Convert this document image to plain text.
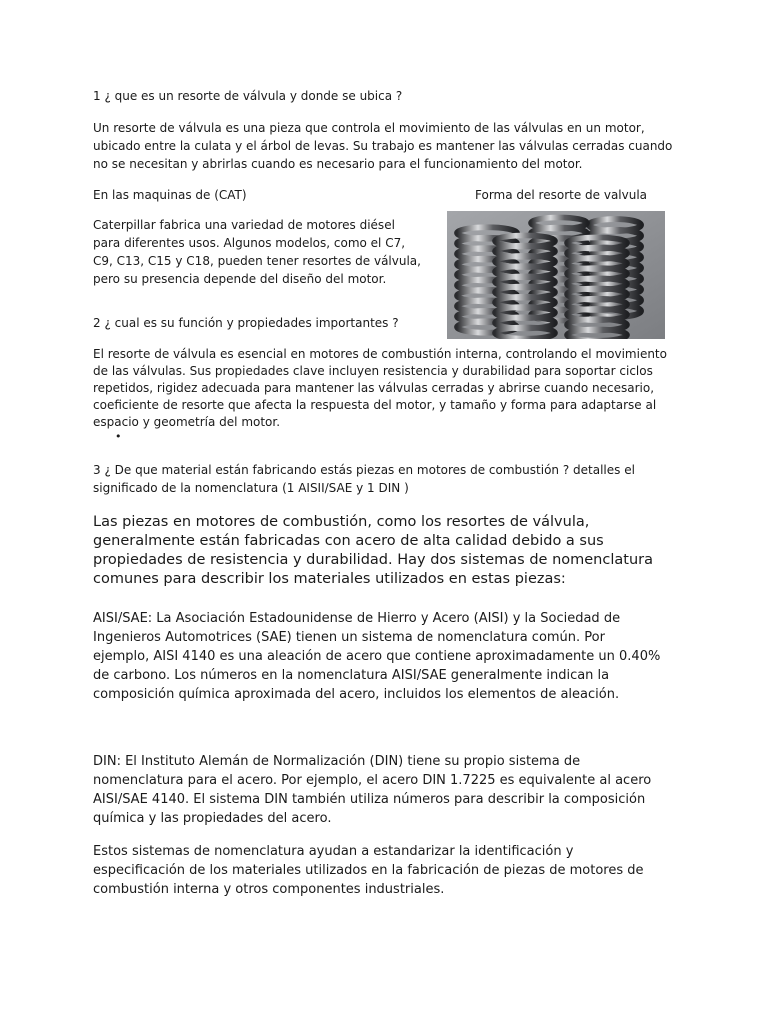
1 ¿ que es un resorte de válvula y donde se ubica ?

Un resorte de válvula es una pieza que controla el movimiento de las válvulas en un motor, ubicado entre la culata y el árbol de levas. Su trabajo es mantener las válvulas cerradas cuando no se necesitan y abrirlas cuando es necesario para el funcionamiento del motor.

En las maquinas de (CAT)	Forma del resorte de valvula

Caterpillar fabrica una variedad de motores diésel para diferentes usos. Algunos modelos, como el C7, C9, C13, C15 y C18, pueden tener resortes de válvula, pero su presencia depende del diseño del motor.

2 ¿ cual es su función y propiedades importantes ?

El resorte de válvula es esencial en motores de combustión interna, controlando el movimiento de las válvulas. Sus propiedades clave incluyen resistencia y durabilidad para soportar ciclos repetidos, rigidez adecuada para mantener las válvulas cerradas y abrirse cuando necesario, coeficiente de resorte que afecta la respuesta del motor, y tamaño y forma para adaptarse al espacio y geometría del motor.

•

3 ¿ De que material están fabricando estás piezas en motores de combustión ? detalles el significado de la nomenclatura (1 AISII/SAE y 1 DIN )

Las piezas en motores de combustión, como los resortes de válvula, generalmente están fabricadas con acero de alta calidad debido a sus propiedades de resistencia y durabilidad. Hay dos sistemas de nomenclatura comunes para describir los materiales utilizados en estas piezas:

AISI/SAE: La Asociación Estadounidense de Hierro y Acero (AISI) y la Sociedad de Ingenieros Automotrices (SAE) tienen un sistema de nomenclatura común. Por ejemplo, AISI 4140 es una aleación de acero que contiene aproximadamente un 0.40% de carbono. Los números en la nomenclatura AISI/SAE generalmente indican la composición química aproximada del acero, incluidos los elementos de aleación.

DIN: El Instituto Alemán de Normalización (DIN) tiene su propio sistema de nomenclatura para el acero. Por ejemplo, el acero DIN 1.7225 es equivalente al acero AISI/SAE 4140. El sistema DIN también utiliza números para describir la composición química y las propiedades del acero.

Estos sistemas de nomenclatura ayudan a estandarizar la identificación y especificación de los materiales utilizados en la fabricación de piezas de motores de combustión interna y otros componentes industriales.
